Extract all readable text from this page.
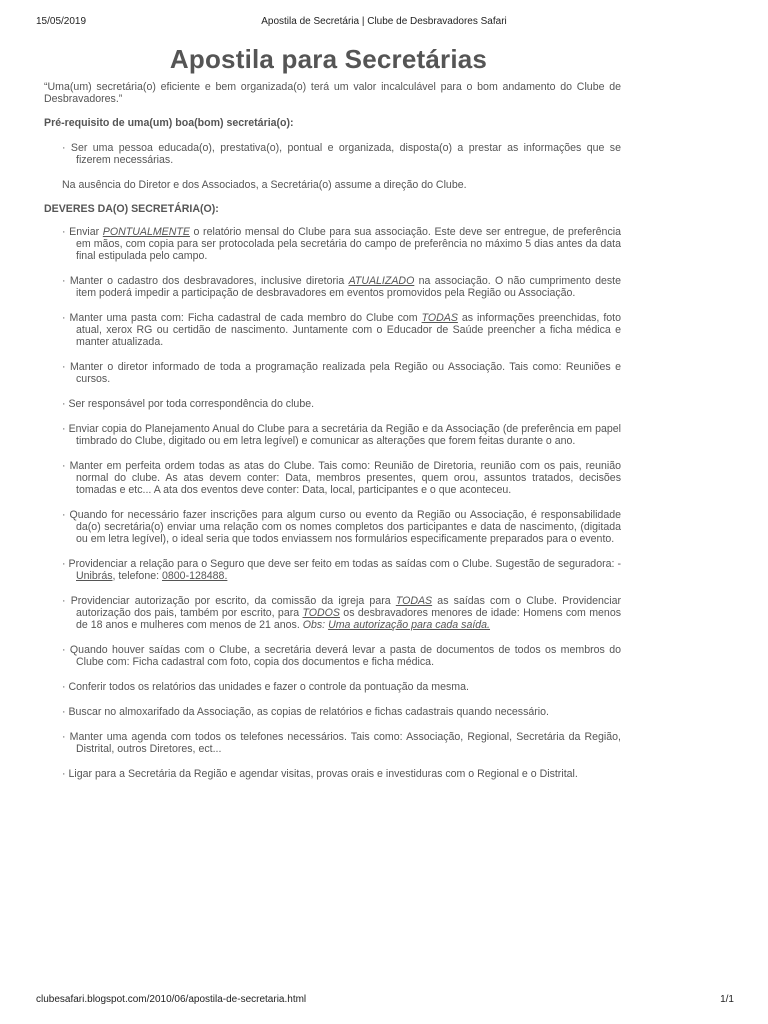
15/05/2019	Apostila de Secretária | Clube de Desbravadores Safari
Apostila para Secretárias

“Uma(um) secretária(o) eficiente e bem organizada(o) terá um valor incalculável para o bom andamento do Clube de Desbravadores.”

Pré-requisito de uma(um) boa(bom) secretária(o):

· Ser uma pessoa educada(o), prestativa(o), pontual e organizada, disposta(o) a prestar as informações que se fizerem necessárias.

Na ausência do Diretor e dos Associados, a Secretária(o) assume a direção do Clube.

DEVERES DA(O) SECRETÁRIA(O):

· Enviar PONTUALMENTE o relatório mensal do Clube para sua associação. Este deve ser entregue, de preferência em mãos, com copia para ser protocolada pela secretária do campo de preferência no máximo 5 dias antes da data final estipulada pelo campo.

· Manter o cadastro dos desbravadores, inclusive diretoria ATUALIZADO na associação. O não cumprimento deste item poderá impedir a participação de desbravadores em eventos promovidos pela Região ou Associação.

· Manter uma pasta com: Ficha cadastral de cada membro do Clube com TODAS as informações preenchidas, foto atual, xerox RG ou certidão de nascimento. Juntamente com o Educador de Saúde preencher a ficha médica e manter atualizada.

· Manter o diretor informado de toda a programação realizada pela Região ou Associação. Tais como: Reuniões e cursos.

· Ser responsável por toda correspondência do clube.

· Enviar copia do Planejamento Anual do Clube para a secretária da Região e da Associação (de preferência em papel timbrado do Clube, digitado ou em letra legível) e comunicar as alterações que forem feitas durante o ano.

· Manter em perfeita ordem todas as atas do Clube. Tais como: Reunião de Diretoria, reunião com os pais, reunião normal do clube. As atas devem conter: Data, membros presentes, quem orou, assuntos tratados, decisões tomadas e etc... A ata dos eventos deve conter: Data, local, participantes e o que aconteceu.

· Quando for necessário fazer inscrições para algum curso ou evento da Região ou Associação, é responsabilidade da(o) secretária(o) enviar uma relação com os nomes completos dos participantes e data de nascimento, (digitada ou em letra legível), o ideal seria que todos enviassem nos formulários especificamente preparados para o evento.

· Providenciar a relação para o Seguro que deve ser feito em todas as saídas com o Clube. Sugestão de seguradora: -Unibrás, telefone: 0800-128488.

· Providenciar autorização por escrito, da comissão da igreja para TODAS as saídas com o Clube. Providenciar autorização dos pais, também por escrito, para TODOS os desbravadores menores de idade: Homens com menos de 18 anos e mulheres com menos de 21 anos. Obs: Uma autorização para cada saída.

· Quando houver saídas com o Clube, a secretária deverá levar a pasta de documentos de todos os membros do Clube com: Ficha cadastral com foto, copia dos documentos e ficha médica.

· Conferir todos os relatórios das unidades e fazer o controle da pontuação da mesma.

· Buscar no almoxarifado da Associação, as copias de relatórios e fichas cadastrais quando necessário.

· Manter uma agenda com todos os telefones necessários. Tais como: Associação, Regional, Secretária da Região, Distrital, outros Diretores, ect...

· Ligar para a Secretária da Região e agendar visitas, provas orais e investiduras com o Regional e o Distrital.

clubesafari.blogspot.com/2010/06/apostila-de-secretaria.html	1/1
